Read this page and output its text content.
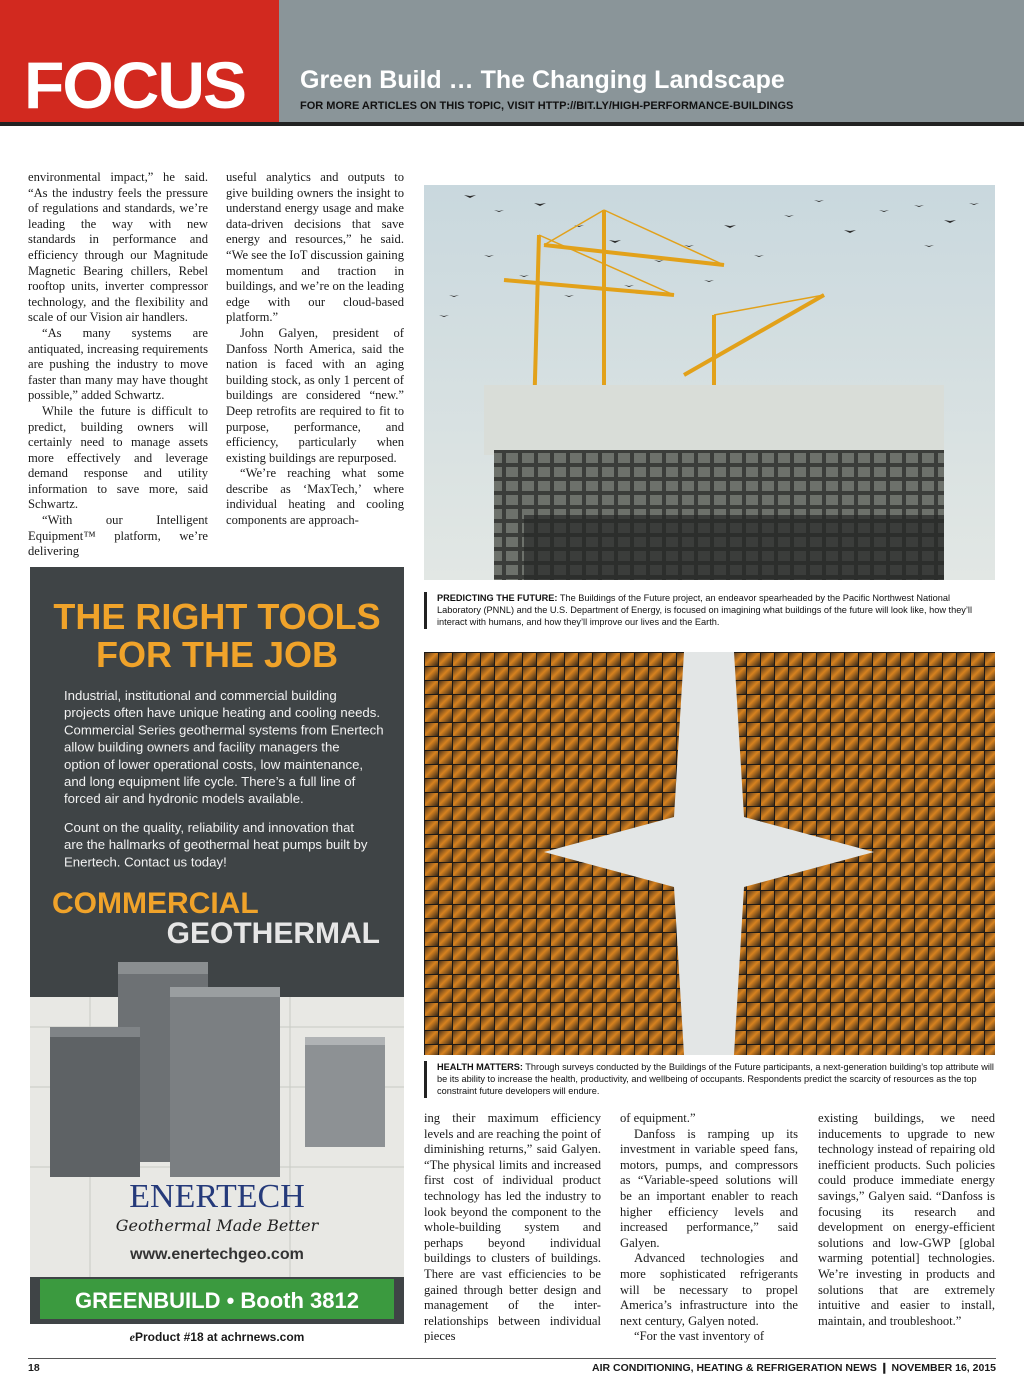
FOCUS Green Build … The Changing Landscape
FOR MORE ARTICLES ON THIS TOPIC, VISIT HTTP://BIT.LY/HIGH-PERFORMANCE-BUILDINGS

environmental impact,” he said. “As the industry feels the pressure of regulations and standards, we’re leading the way with new standards in performance and efficiency through our Magnitude Magnetic Bearing chillers, Rebel rooftop units, inverter compressor technology, and the flexibility and scale of our Vision air handlers.

“As many systems are antiquated, increasing requirements are pushing the industry to move faster than many may have thought possible,” added Schwartz.

While the future is difficult to predict, building owners will certainly need to manage assets more effectively and leverage demand response and utility information to save more, said Schwartz.

“With our Intelligent Equipment™ platform, we’re delivering

useful analytics and outputs to give building owners the insight to understand energy usage and make data-driven decisions that save energy and resources,” he said. “We see the IoT discussion gaining momentum and traction in buildings, and we’re on the leading edge with our cloud-based platform.”

John Galyen, president of Danfoss North America, said the nation is faced with an aging building stock, as only 1 percent of buildings are considered “new.” Deep retrofits are required to fit to purpose, performance, and efficiency, particularly when existing buildings are repurposed.

“We’re reaching what some describe as ‘MaxTech,’ where individual heating and cooling components are approach-

ing their maximum efficiency levels and are reaching the point of diminishing returns,” said Galyen. “The physical limits and increased first cost of individual product technology has led the industry to look beyond the component to the whole-building system and perhaps beyond individual buildings to clusters of buildings. There are vast efficiencies to be gained through better design and management of the inter-relationships between individual pieces

of equipment.”

Danfoss is ramping up its investment in variable speed fans, motors, pumps, and compressors as “Variable-speed solutions will be an important enabler to reach higher efficiency levels and increased performance,” said Galyen.

Advanced technologies and more sophisticated refrigerants will be necessary to propel America’s infrastructure into the next century, Galyen noted.

“For the vast inventory of

existing buildings, we need inducements to upgrade to new technology instead of repairing old inefficient products. Such policies could produce immediate energy savings,” Galyen said. “Danfoss is focusing its research and development on energy-efficient solutions and low-GWP [global warming potential] technologies. We’re investing in products and solutions that are extremely intuitive and easier to install, maintain, and troubleshoot.”

PREDICTING THE FUTURE: The Buildings of the Future project, an endeavor spearheaded by the Pacific Northwest National Laboratory (PNNL) and the U.S. Department of Energy, is focused on imagining what buildings of the future will look like, how they’ll interact with humans, and how they’ll improve our lives and the Earth.
HEALTH MATTERS: Through surveys conducted by the Buildings of the Future participants, a next-generation building’s top attribute will be its ability to increase the health, productivity, and wellbeing of occupants. Respondents predict the scarcity of resources as the top constraint future developers will endure.
THE RIGHT TOOLS
FOR THE JOB
Industrial, institutional and commercial building
projects often have unique heating and cooling needs.
Commercial Series geothermal systems from Enertech
allow building owners and facility managers the
option of lower operational costs, low maintenance,
and long equipment life cycle. There’s a full line of
forced air and hydronic models available.
Count on the quality, reliability and innovation that
are the hallmarks of geothermal heat pumps built by
Enertech. Contact us today!
COMMERCIAL
GEOTHERMAL
ENERTECH
Geothermal Made Better
www.enertechgeo.com
GREENBUILD • Booth 3812
eProduct #18 at achrnews.com
18	AIR CONDITIONING, HEATING & REFRIGERATION NEWS ❙ NOVEMBER 16, 2015
